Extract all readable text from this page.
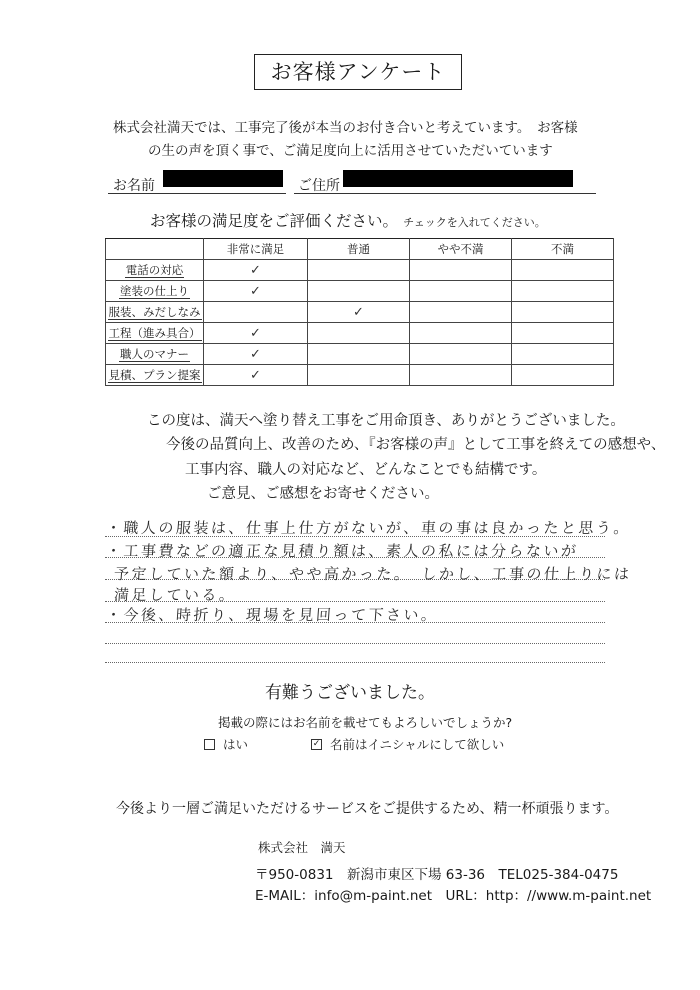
お客様アンケート
株式会社満天では、工事完了後が本当のお付き合いと考えています。　お客様
の生の声を頂く事で、ご満足度向上に活用させていただいています
お名前	ご住所
お客様の満足度をご評価ください。 チェックを入れてください。
	非常に満足	普通	やや不満	不満
電話の対応	✓			
塗装の仕上り	✓			
服装、みだしなみ		✓		
工程（進み具合）	✓			
職人のマナー	✓			
見積、プラン提案	✓			
この度は、満天へ塗り替え工事をご用命頂き、ありがとうございました。
今後の品質向上、改善のため、『お客様の声』として工事を終えての感想や、
工事内容、職人の対応など、どんなことでも結構です。
ご意見、ご感想をお寄せください。
・職人の服装は、仕事上仕方がないが、車の事は良かったと思う。
・工事費などの適正な見積り額は、素人の私には分らないが
予定していた額より、やや高かった。　しかし、工事の仕上りには
満足している。
・今後、時折り、現場を見回って下さい。
有難うございました。
掲載の際にはお名前を載せてもよろしいでしょうか?
はい	✓ 名前はイニシャルにして欲しい
今後より一層ご満足いただけるサービスをご提供するため、精一杯頑張ります。
株式会社　満天
〒950-0831　新潟市東区下場 63-36　TEL025-384-0475
E-MAIL：info@m-paint.net　URL：http：//www.m-paint.net
